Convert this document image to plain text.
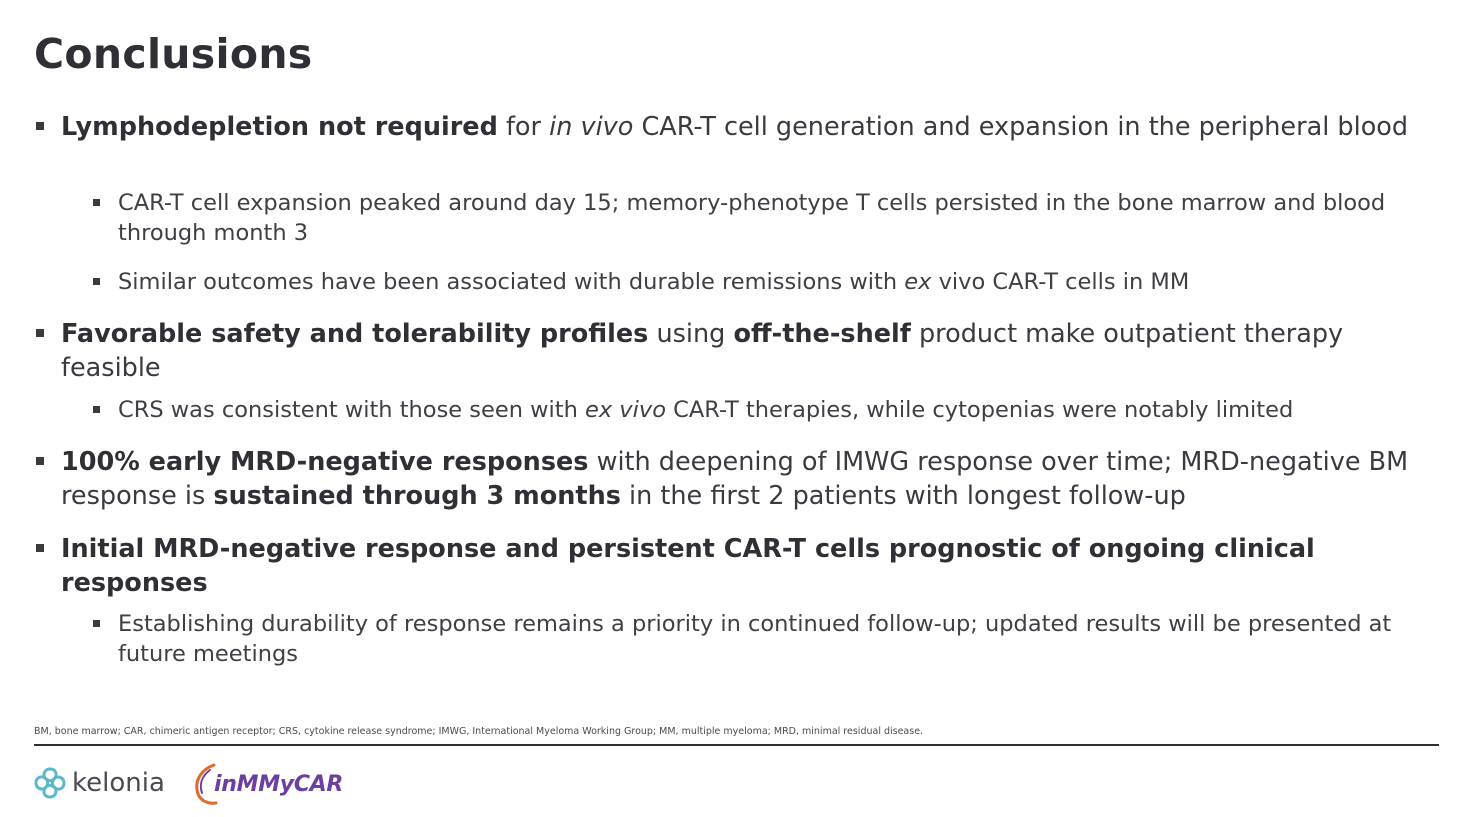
Conclusions

Lymphodepletion not required for in vivo CAR-T cell generation and expansion in the peripheral blood

CAR-T cell expansion peaked around day 15; memory-phenotype T cells persisted in the bone marrow and blood through month 3

Similar outcomes have been associated with durable remissions with ex vivo CAR-T cells in MM

Favorable safety and tolerability profiles using off-the-shelf product make outpatient therapy feasible

CRS was consistent with those seen with ex vivo CAR-T therapies, while cytopenias were notably limited

100% early MRD-negative responses with deepening of IMWG response over time; MRD-negative BM response is sustained through 3 months in the first 2 patients with longest follow-up

Initial MRD-negative response and persistent CAR-T cells prognostic of ongoing clinical responses

Establishing durability of response remains a priority in continued follow-up; updated results will be presented at future meetings

BM, bone marrow; CAR, chimeric antigen receptor; CRS, cytokine release syndrome; IMWG, International Myeloma Working Group; MM, multiple myeloma; MRD, minimal residual disease.
kelonia inMMyCAR
